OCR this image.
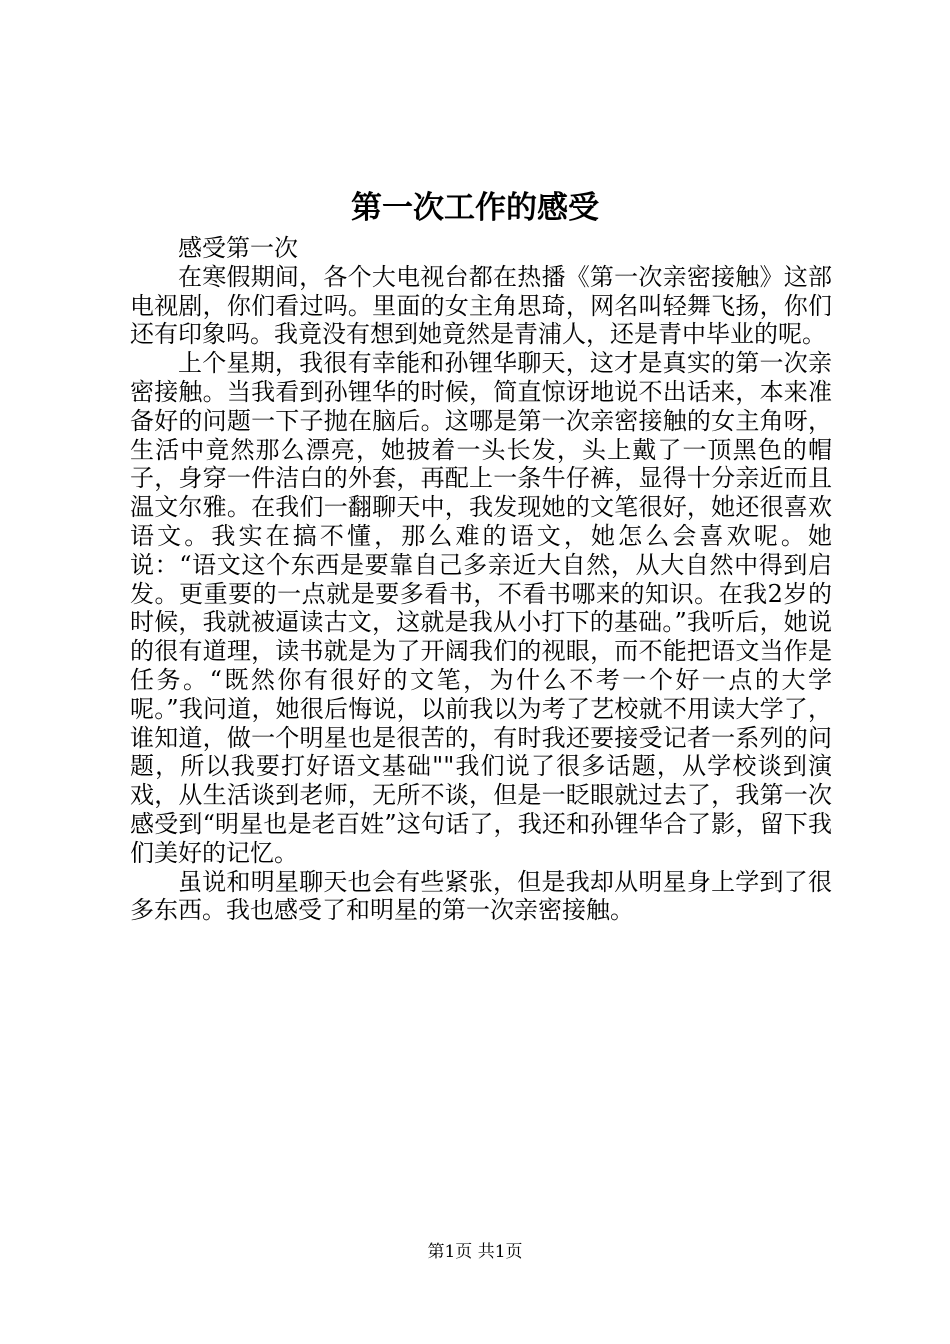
第一次工作的感受

感受第一次

在寒假期间，各个大电视台都在热播《第一次亲密接触》这部电视剧，你们看过吗。里面的女主角思琦，网名叫轻舞飞扬，你们还有印象吗。我竟没有想到她竟然是青浦人，还是青中毕业的呢。

上个星期，我很有幸能和孙锂华聊天，这才是真实的第一次亲密接触。当我看到孙锂华的时候，简直惊讶地说不出话来，本来准备好的问题一下子抛在脑后。这哪是第一次亲密接触的女主角呀，生活中竟然那么漂亮，她披着一头长发，头上戴了一顶黑色的帽子，身穿一件洁白的外套，再配上一条牛仔裤，显得十分亲近而且温文尔雅。在我们一翻聊天中，我发现她的文笔很好，她还很喜欢语文。我实在搞不懂，那么难的语文，她怎么会喜欢呢。她说：“语文这个东西是要靠自己多亲近大自然，从大自然中得到启发。更重要的一点就是要多看书，不看书哪来的知识。在我2岁的时候，我就被逼读古文，这就是我从小打下的基础。”我听后，她说的很有道理，读书就是为了开阔我们的视眼，而不能把语文当作是任务。“既然你有很好的文笔，为什么不考一个好一点的大学呢。”我问道，她很后悔说，以前我以为考了艺校就不用读大学了，谁知道，做一个明星也是很苦的，有时我还要接受记者一系列的问题，所以我要打好语文基础""我们说了很多话题，从学校谈到演戏，从生活谈到老师，无所不谈，但是一眨眼就过去了，我第一次感受到“明星也是老百姓”这句话了，我还和孙锂华合了影，留下我们美好的记忆。

虽说和明星聊天也会有些紧张，但是我却从明星身上学到了很多东西。我也感受了和明星的第一次亲密接触。

第1页 共1页
